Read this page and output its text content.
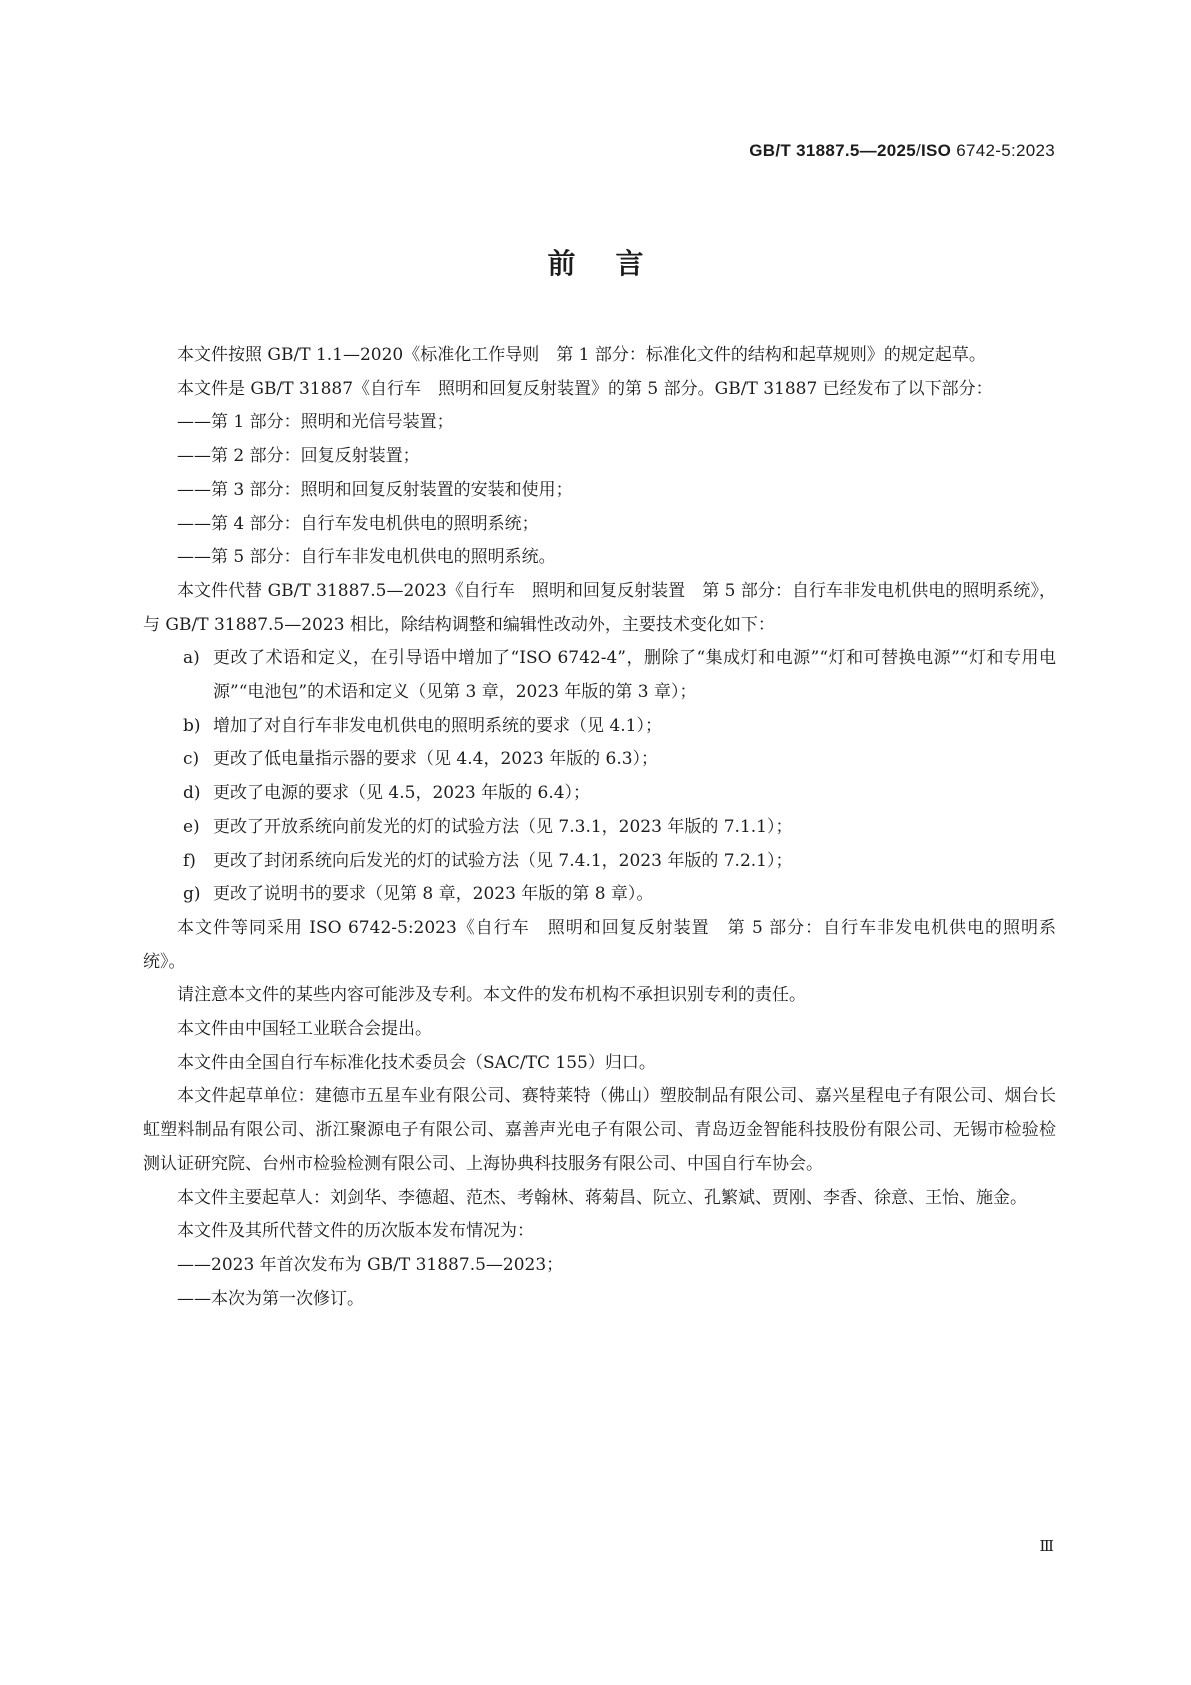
GB/T 31887.5—2025/ISO 6742-5:2023
前言

本文件按照 GB/T 1.1—2020《标准化工作导则　第 1 部分：标准化文件的结构和起草规则》的规定起草。

本文件是 GB/T 31887《自行车　照明和回复反射装置》的第 5 部分。GB/T 31887 已经发布了以下部分：

——第 1 部分：照明和光信号装置；

——第 2 部分：回复反射装置；

——第 3 部分：照明和回复反射装置的安装和使用；

——第 4 部分：自行车发电机供电的照明系统；

——第 5 部分：自行车非发电机供电的照明系统。

本文件代替 GB/T 31887.5—2023《自行车　照明和回复反射装置　第 5 部分：自行车非发电机供电的照明系统》，与 GB/T 31887.5—2023 相比，除结构调整和编辑性改动外，主要技术变化如下：

a) 更改了术语和定义，在引导语中增加了“ISO 6742-4”，删除了“集成灯和电源”“灯和可替换电源”“灯和专用电源”“电池包”的术语和定义（见第 3 章，2023 年版的第 3 章）；

b) 增加了对自行车非发电机供电的照明系统的要求（见 4.1）；

c) 更改了低电量指示器的要求（见 4.4，2023 年版的 6.3）；

d) 更改了电源的要求（见 4.5，2023 年版的 6.4）；

e) 更改了开放系统向前发光的灯的试验方法（见 7.3.1，2023 年版的 7.1.1）；

f) 更改了封闭系统向后发光的灯的试验方法（见 7.4.1，2023 年版的 7.2.1）；

g) 更改了说明书的要求（见第 8 章，2023 年版的第 8 章）。

本文件等同采用 ISO 6742-5:2023《自行车　照明和回复反射装置　第 5 部分：自行车非发电机供电的照明系统》。

请注意本文件的某些内容可能涉及专利。本文件的发布机构不承担识别专利的责任。

本文件由中国轻工业联合会提出。

本文件由全国自行车标准化技术委员会（SAC/TC 155）归口。

本文件起草单位：建德市五星车业有限公司、赛特莱特（佛山）塑胶制品有限公司、嘉兴星程电子有限公司、烟台长虹塑料制品有限公司、浙江聚源电子有限公司、嘉善声光电子有限公司、青岛迈金智能科技股份有限公司、无锡市检验检测认证研究院、台州市检验检测有限公司、上海协典科技服务有限公司、中国自行车协会。

本文件主要起草人：刘剑华、李德超、范杰、考翰林、蒋菊昌、阮立、孔繁斌、贾刚、李香、徐意、王怡、施金。

本文件及其所代替文件的历次版本发布情况为：

——2023 年首次发布为 GB/T 31887.5—2023；

——本次为第一次修订。

Ⅲ
